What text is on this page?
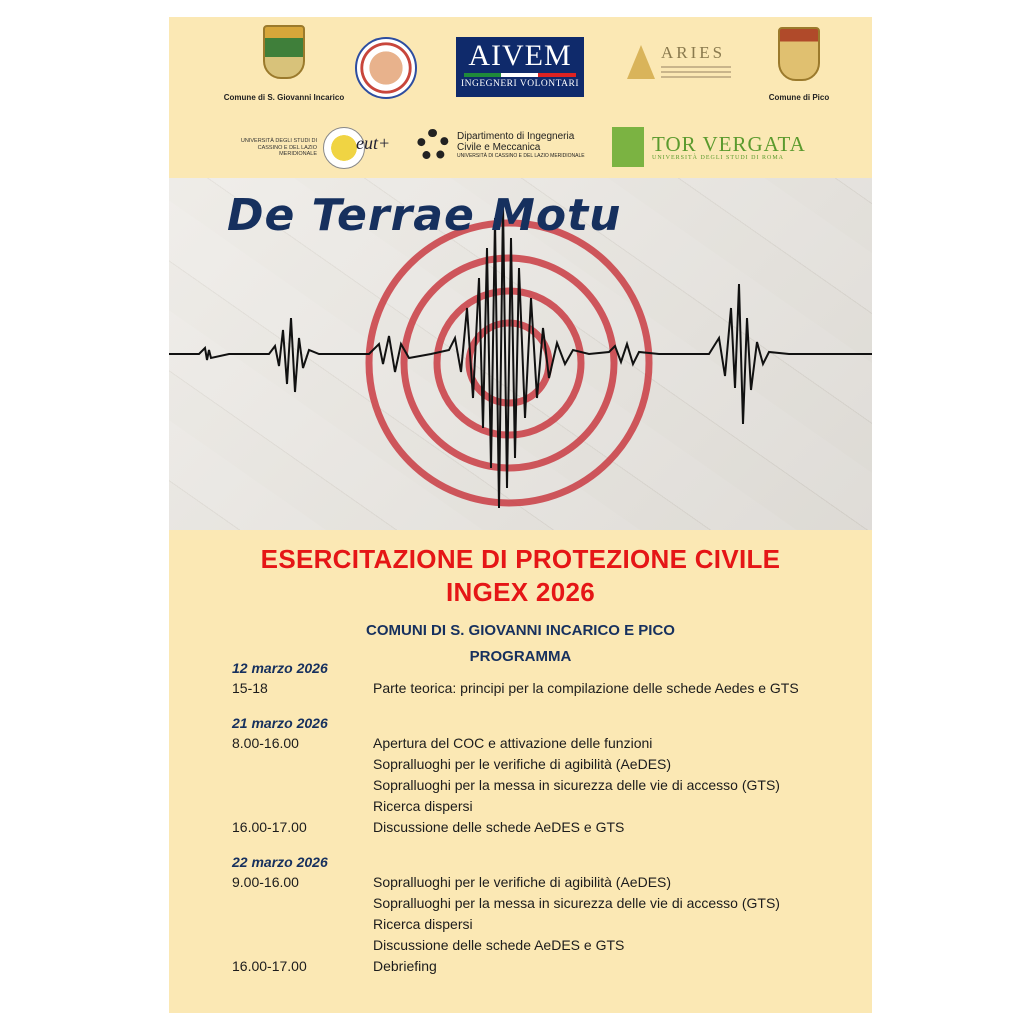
Comune di S. Giovanni Incarico
AIVEM
INGEGNERI VOLONTARI
ARIES
Comune di Pico
UNIVERSITÀ DEGLI STUDI DI CASSINO E DEL LAZIO MERIDIONALE
eut+	Dipartimento di Ingegneria
Civile e Meccanica
UNIVERSITÀ DI CASSINO E DEL LAZIO MERIDIONALE	TOR VERGATA
UNIVERSITÀ DEGLI STUDI DI ROMA
De Terrae Motu
ESERCITAZIONE DI PROTEZIONE CIVILE
INGEX 2026
COMUNI DI S. GIOVANNI INCARICO E PICO
PROGRAMMA
12 marzo 2026
15-18	Parte teorica: principi per la compilazione delle schede Aedes e GTS
21 marzo 2026
8.00-16.00	Apertura del COC e attivazione delle funzioni
Sopralluoghi per le verifiche di agibilità (AeDES)
Sopralluoghi per la messa in sicurezza delle vie di accesso (GTS)
Ricerca dispersi
16.00-17.00	Discussione delle schede AeDES e GTS
22 marzo 2026
9.00-16.00	Sopralluoghi per le verifiche di agibilità (AeDES)
Sopralluoghi per la messa in sicurezza delle vie di accesso (GTS)
Ricerca dispersi
Discussione delle schede AeDES e GTS
16.00-17.00	Debriefing
